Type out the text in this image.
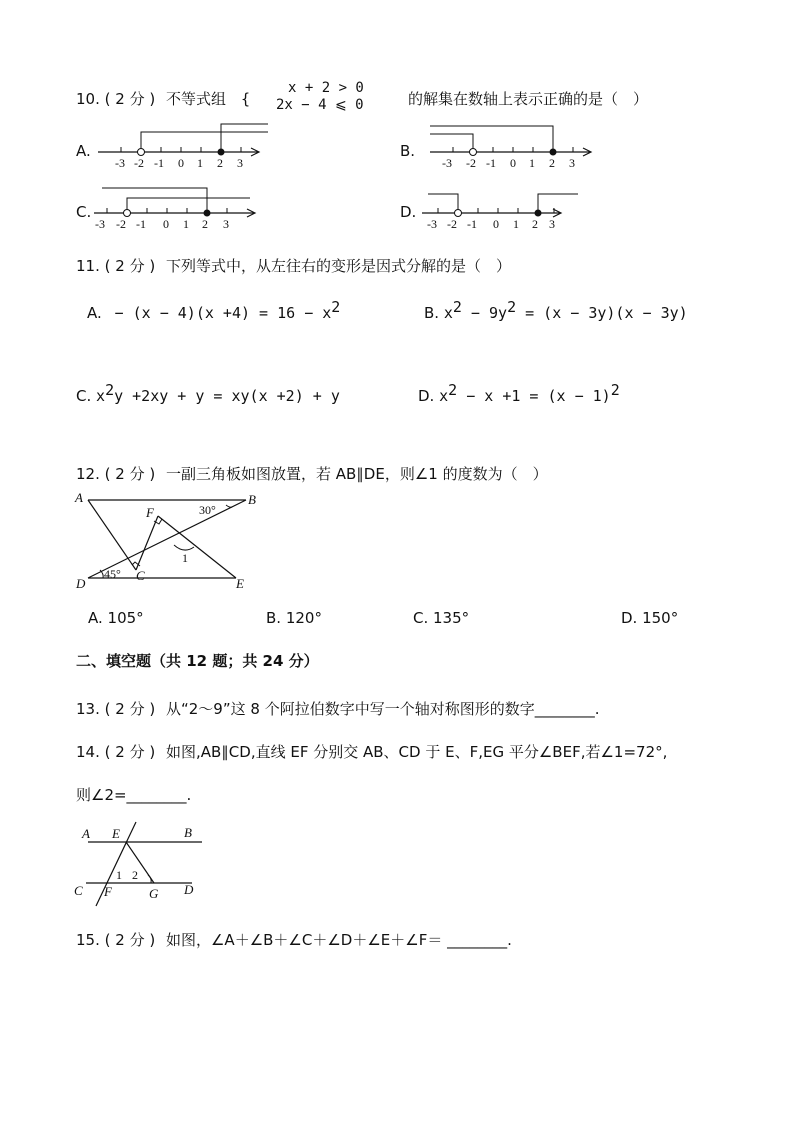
10. ( 2 分 ) 不等式组 {
x + 2 > 0
2x − 4 ⩽ 0	的解集在数轴上表示正确的是（　）
A.
-3 -2 -1 0 1 2 3
B.
-3 -2 -1 0 1 2 3
C.
-3 -2 -1 0 1 2 3
D.
-3 -2 -1 0 1 2 3
11. ( 2 分 ) 下列等式中，从左往右的变形是因式分解的是（　）
A. − $(x - 4)(x +4) = 16 - x^2$	B. $x^2 - 9y^2 = (x - 3y)(x - 3y)$
C. $x^2y +2xy + y = xy(x +2) + y$	D. $x^2 - x +1 = (x - 1)^2$
12. ( 2 分 ) 一副三角板如图放置，若 AB∥DE，则∠1 的度数为（　）
A	B
F	30°
1
45° C
D	E
A. 105°	B. 120°	C. 135°	D. 150°
二、填空题（共 12 题；共 24 分）
13. ( 2 分 ) 从“2～9”这 8 个阿拉伯数字中写一个轴对称图形的数字________.
14. ( 2 分 ) 如图,AB∥CD,直线 EF 分别交 AB、CD 于 E、F,EG 平分∠BEF,若∠1=72°,
则∠2=________.
A E	B
1 2
C F	G D
15. ( 2 分 ) 如图，∠A＋∠B＋∠C＋∠D＋∠E＋∠F＝ ________.
